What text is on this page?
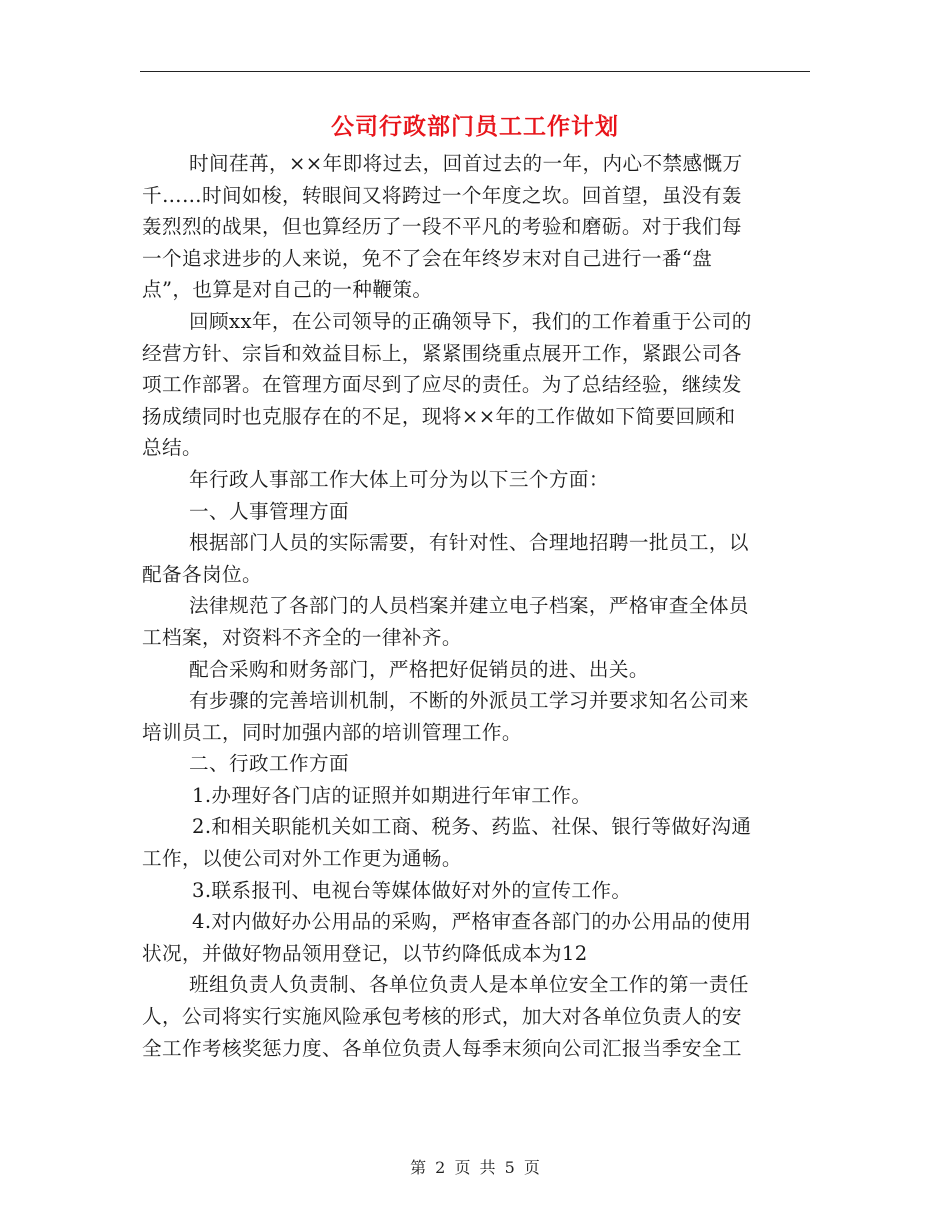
公司行政部门员工工作计划
时间荏苒，××年即将过去，回首过去的一年，内心不禁感慨万
千……时间如梭，转眼间又将跨过一个年度之坎。回首望，虽没有轰
轰烈烈的战果，但也算经历了一段不平凡的考验和磨砺。对于我们每
一个追求进步的人来说，免不了会在年终岁末对自己进行一番“盘
点”，也算是对自己的一种鞭策。
回顾xx年，在公司领导的正确领导下，我们的工作着重于公司的
经营方针、宗旨和效益目标上，紧紧围绕重点展开工作，紧跟公司各
项工作部署。在管理方面尽到了应尽的责任。为了总结经验，继续发
扬成绩同时也克服存在的不足，现将××年的工作做如下简要回顾和
总结。
年行政人事部工作大体上可分为以下三个方面：
一、人事管理方面
根据部门人员的实际需要，有针对性、合理地招聘一批员工，以
配备各岗位。
法律规范了各部门的人员档案并建立电子档案，严格审查全体员
工档案，对资料不齐全的一律补齐。
配合采购和财务部门，严格把好促销员的进、出关。
有步骤的完善培训机制，不断的外派员工学习并要求知名公司来
培训员工，同时加强内部的培训管理工作。
二、行政工作方面
1.办理好各门店的证照并如期进行年审工作。
2.和相关职能机关如工商、税务、药监、社保、银行等做好沟通
工作，以使公司对外工作更为通畅。
3.联系报刊、电视台等媒体做好对外的宣传工作。
4.对内做好办公用品的采购，严格审查各部门的办公用品的使用
状况，并做好物品领用登记，以节约降低成本为12
班组负责人负责制、各单位负责人是本单位安全工作的第一责任
人，公司将实行实施风险承包考核的形式，加大对各单位负责人的安
全工作考核奖惩力度、各单位负责人每季末须向公司汇报当季安全工
第 2 页 共 5 页
